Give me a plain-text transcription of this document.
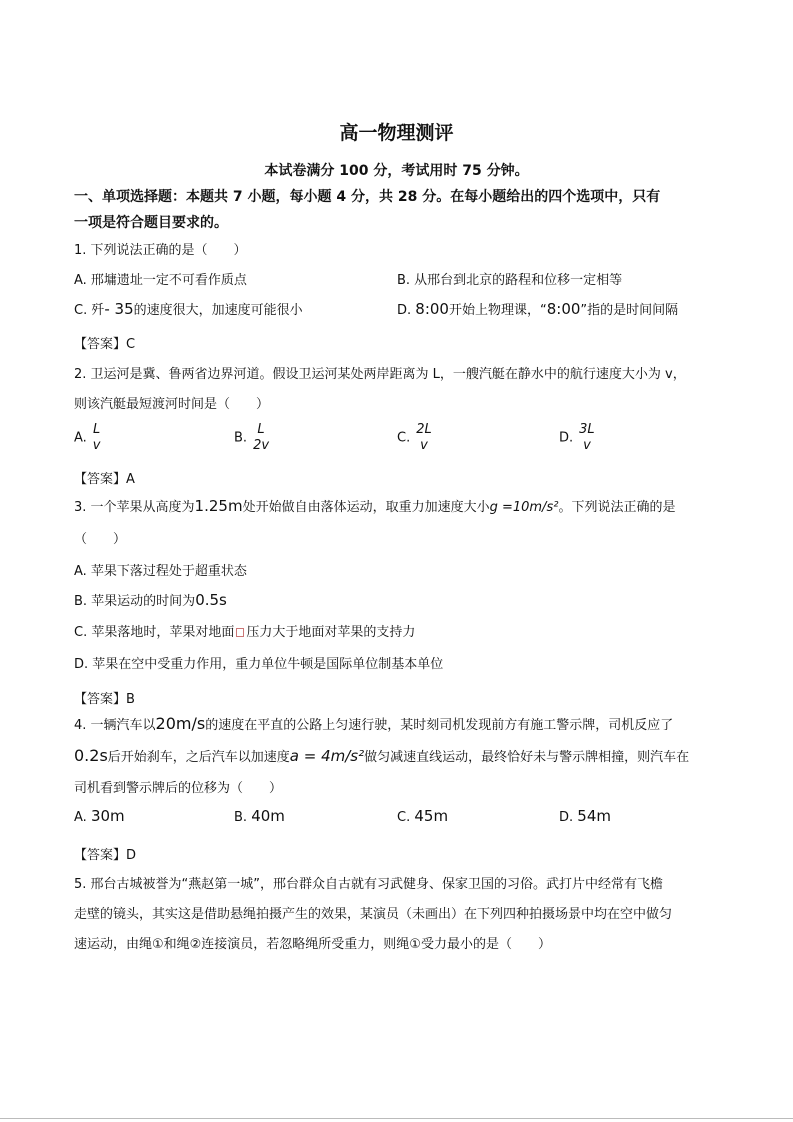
高一物理测评
本试卷满分 100 分，考试用时 75 分钟。
一、单项选择题：本题共 7 小题，每小题 4 分，共 28 分。在每小题给出的四个选项中，只有
一项是符合题目要求的。
1. 下列说法正确的是（　　）
A. 邢墉遗址一定不可看作质点	B. 从邢台到北京的路程和位移一定相等
C. 歼- 35的速度很大，加速度可能很小	D. 8:00开始上物理课，“8:00”指的是时间间隔
【答案】C
2. 卫运河是冀、鲁两省边界河道。假设卫运河某处两岸距离为 L，一艘汽艇在静水中的航行速度大小为 v，
则该汽艇最短渡河时间是（　　）
A.
L
v	B.
L
2v	C.
2L
v	D.
3L
v
【答案】A
3. 一个苹果从高度为1.25m处开始做自由落体运动，取重力加速度大小g =10m/s²。下列说法正确的是
（　　）
A. 苹果下落过程处于超重状态
B. 苹果运动的时间为0.5s
C. 苹果落地时，苹果对地面 压力大于地面对苹果的支持力
D. 苹果在空中受重力作用，重力单位牛顿是国际单位制基本单位
【答案】B
4. 一辆汽车以20m/s的速度在平直的公路上匀速行驶，某时刻司机发现前方有施工警示牌，司机反应了
0.2s后开始刹车，之后汽车以加速度a = 4m/s²做匀减速直线运动，最终恰好未与警示牌相撞，则汽车在
司机看到警示牌后的位移为（　　）
A. 30m	B. 40m	C. 45m	D. 54m
【答案】D
5. 邢台古城被誉为“燕赵第一城”，邢台群众自古就有习武健身、保家卫国的习俗。武打片中经常有飞檐
走壁的镜头，其实这是借助悬绳拍摄产生的效果，某演员（未画出）在下列四种拍摄场景中均在空中做匀
速运动，由绳①和绳②连接演员，若忽略绳所受重力，则绳①受力最小的是（　　）
